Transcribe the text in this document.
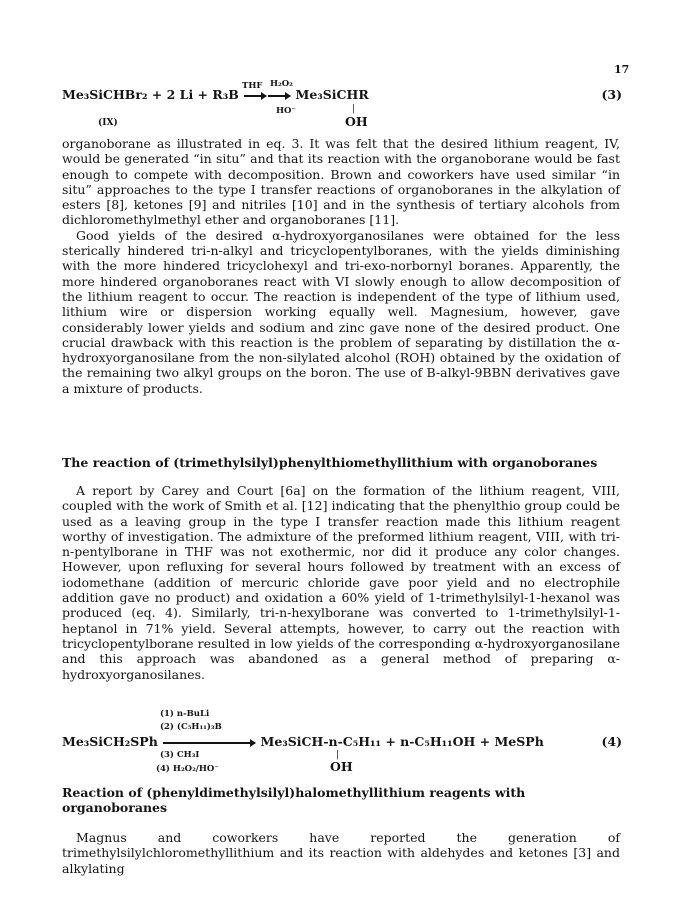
17
THF H₂O₂
Me₃SiCHBr₂ + 2 Li + R₃B	Me₃SiCHR	(3)
HO⁻	|
(IX)	OH

organoborane as illustrated in eq. 3. It was felt that the desired lithium reagent, IV, would be generated “in situ” and that its reaction with the organoborane would be fast enough to compete with decomposition. Brown and coworkers have used similar “in situ” approaches to the type I transfer reactions of organoboranes in the alkylation of esters [8], ketones [9] and nitriles [10] and in the synthesis of tertiary alcohols from dichloromethylmethyl ether and organoboranes [11].

Good yields of the desired α-hydroxyorganosilanes were obtained for the less sterically hindered tri-n-alkyl and tricyclopentylboranes, with the yields diminishing with the more hindered tricyclohexyl and tri-exo-norbornyl boranes. Apparently, the more hindered organoboranes react with VI slowly enough to allow decomposition of the lithium reagent to occur. The reaction is independent of the type of lithium used, lithium wire or dispersion working equally well. Magnesium, however, gave considerably lower yields and sodium and zinc gave none of the desired product. One crucial drawback with this reaction is the problem of separating by distillation the α-hydroxyorganosilane from the non-silylated alcohol (ROH) obtained by the oxidation of the remaining two alkyl groups on the boron. The use of B-alkyl-9BBN derivatives gave a mixture of products.

The reaction of (trimethylsilyl)phenylthiomethyllithium with organoboranes

A report by Carey and Court [6a] on the formation of the lithium reagent, VIII, coupled with the work of Smith et al. [12] indicating that the phenylthio group could be used as a leaving group in the type I transfer reaction made this lithium reagent worthy of investigation. The admixture of the preformed lithium reagent, VIII, with tri-n-pentylborane in THF was not exothermic, nor did it produce any color changes. However, upon refluxing for several hours followed by treatment with an excess of iodomethane (addition of mercuric chloride gave poor yield and no electrophile addition gave no product) and oxidation a 60% yield of 1-trimethylsilyl-1-hexanol was produced (eq. 4). Similarly, tri-n-hexylborane was converted to 1-trimethylsilyl-1-heptanol in 71% yield. Several attempts, however, to carry out the reaction with tricyclopentylborane resulted in low yields of the corresponding α-hydroxyorganosilane and this approach was abandoned as a general method of preparing α-hydroxyorganosilanes.

(1) n-BuLi
(2) (C₅H₁₁)₃B
(3) CH₃I
(4) H₂O₂/HO⁻
Me₃SiCH₂SPh	Me₃SiCH-n-C₅H₁₁ + n-C₅H₁₁OH + MeSPh	(4)
|
OH
Reaction of (phenyldimethylsilyl)halomethyllithium reagents with organoboranes

Magnus and coworkers have reported the generation of trimethylsilylchloromethyllithium and its reaction with aldehydes and ketones [3] and alkylating
